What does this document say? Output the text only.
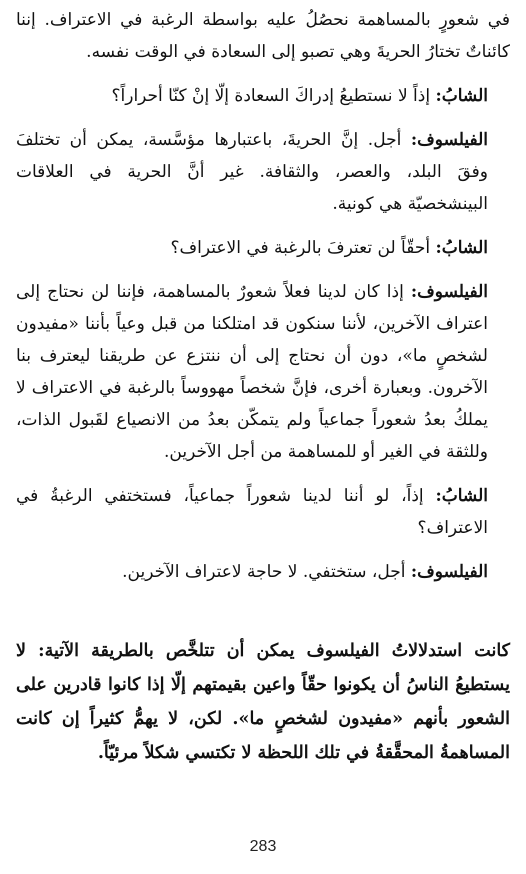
في شعورٍ بالمساهمة نحصُلُ عليه بواسطة الرغبة في الاعتراف. إننا كائناتٌ تختارُ الحريةَ وهي تصبو إلى السعادة في الوقت نفسه.

الشابُ: إذاً لا نستطيعُ إدراكَ السعادة إلّا إنْ كنّا أحراراً؟

الفيلسوف: أجل. إنَّ الحريةَ، باعتبارها مؤسَّسة، يمكن أن تختلفَ وفقَ البلد، والعصر، والثقافة. غير أنَّ الحرية في العلاقات البينشخصيّة هي كونية.

الشابُ: أحقّاً لن تعترفَ بالرغبة في الاعتراف؟

الفيلسوف: إذا كان لدينا فعلاً شعورٌ بالمساهمة، فإننا لن نحتاج إلى اعتراف الآخرين، لأننا سنكون قد امتلكنا من قبل وعياً بأننا «مفيدون لشخصٍ ما»، دون أن نحتاج إلى أن ننتزع عن طريقنا ليعترف بنا الآخرون. وبعبارة أخرى، فإنَّ شخصاً مهووساً بالرغبة في الاعتراف لا يملكُ بعدُ شعوراً جماعياً ولم يتمكّن بعدُ من الانصياع لقَبول الذات، وللثقة في الغير أو للمساهمة من أجل الآخرين.

الشابُ: إذاً، لو أننا لدينا شعوراً جماعياً، فستختفي الرغبةُ في الاعتراف؟

الفيلسوف: أجل، ستختفي. لا حاجة لاعتراف الآخرين.

كانت استدلالاتُ الفيلسوف يمكن أن تتلخَّص بالطريقة الآتية: لا يستطيعُ الناسُ أن يكونوا حقّاً واعين بقيمتهم إلّا إذا كانوا قادرين على الشعور بأنهم «مفيدون لشخصٍ ما». لكن، لا يهمُّ كثيراً إن كانت المساهمةُ المحقَّقةُ في تلك اللحظة لا تكتسي شكلاً مرئيّاً.

283
